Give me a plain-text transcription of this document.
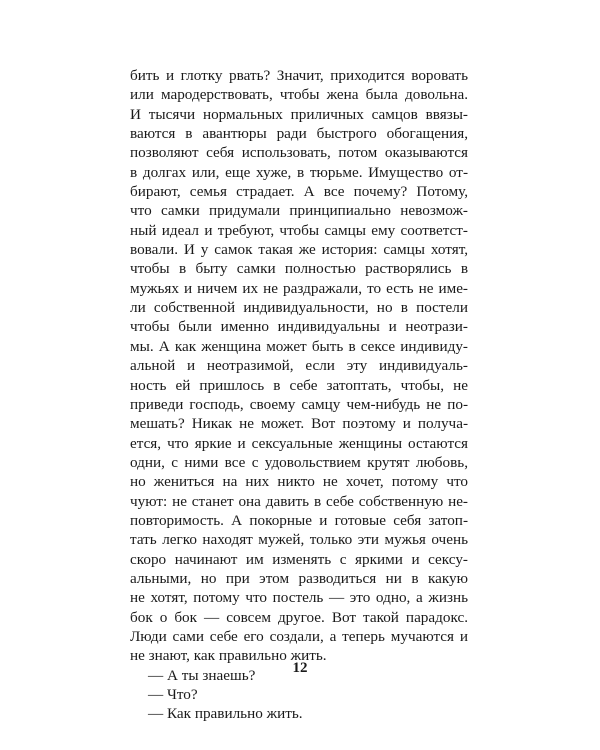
бить и глотку рвать? Значит, приходится воровать
или мародерствовать, чтобы жена была довольна.
И тысячи нормальных приличных самцов ввязы-
ваются в авантюры ради быстрого обогащения,
позволяют себя использовать, потом оказываются
в долгах или, еще хуже, в тюрьме. Имущество от-
бирают, семья страдает. А все почему? Потому,
что самки придумали принципиально невозмож-
ный идеал и требуют, чтобы самцы ему соответст-
вовали. И у самок такая же история: самцы хотят,
чтобы в быту самки полностью растворялись в
мужьях и ничем их не раздражали, то есть не име-
ли собственной индивидуальности, но в постели
чтобы были именно индивидуальны и неотрази-
мы. А как женщина может быть в сексе индивиду-
альной и неотразимой, если эту индивидуаль-
ность ей пришлось в себе затоптать, чтобы, не
приведи господь, своему самцу чем-нибудь не по-
мешать? Никак не может. Вот поэтому и получа-
ется, что яркие и сексуальные женщины остаются
одни, с ними все с удовольствием крутят любовь,
но жениться на них никто не хочет, потому что
чуют: не станет она давить в себе собственную не-
повторимость. А покорные и готовые себя затоп-
тать легко находят мужей, только эти мужья очень
скоро начинают им изменять с яркими и сексу-
альными, но при этом разводиться ни в какую
не хотят, потому что постель — это одно, а жизнь
бок о бок — совсем другое. Вот такой парадокс.
Люди сами себе его создали, а теперь мучаются и
не знают, как правильно жить.
— А ты знаешь?
— Что?
— Как правильно жить.
12
